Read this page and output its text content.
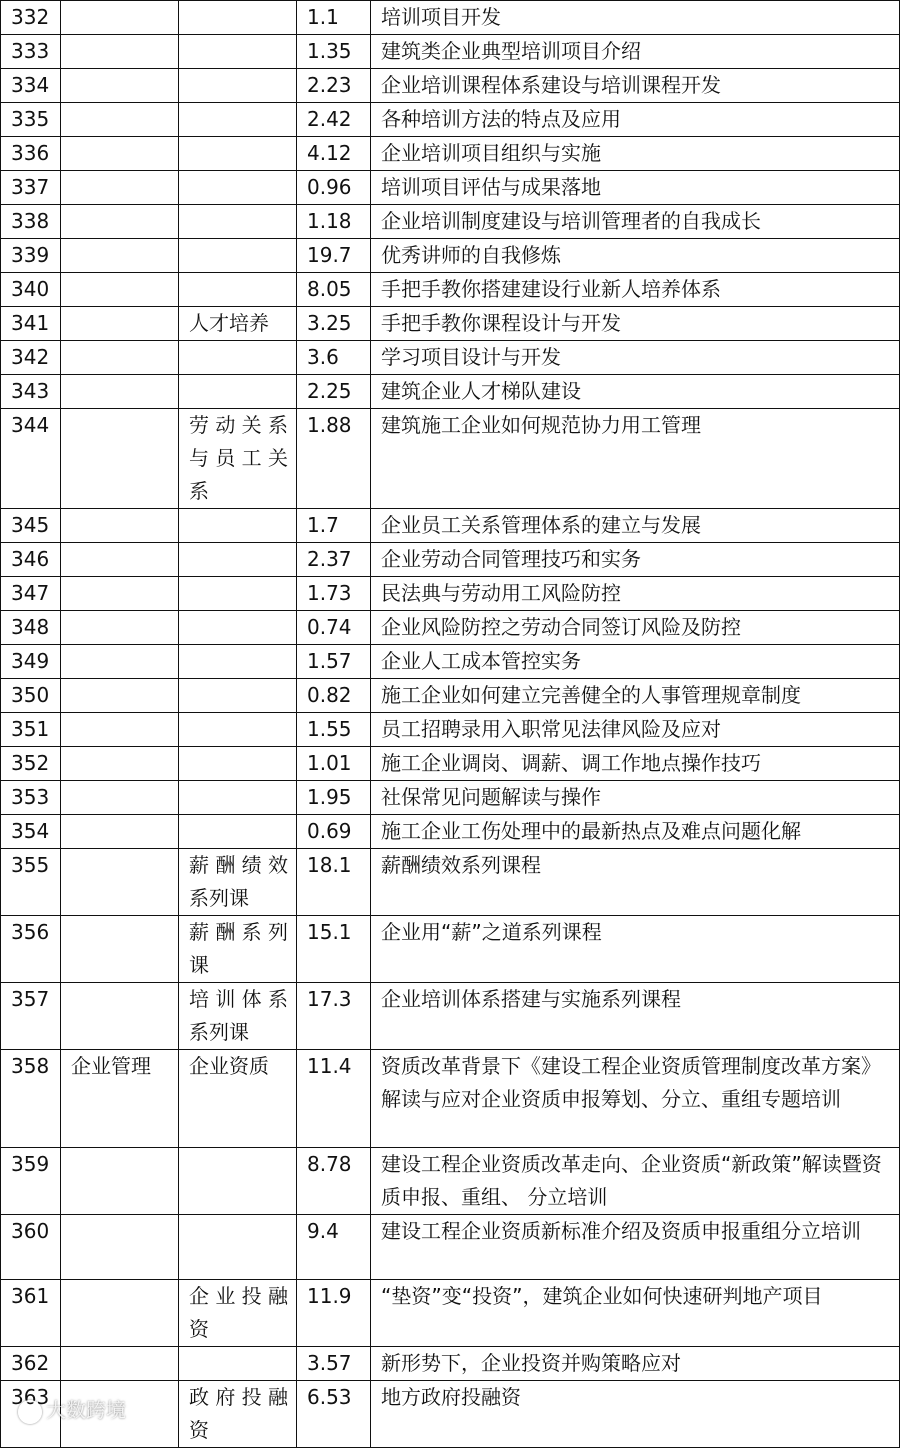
332			1.1	培训项目开发
333			1.35	建筑类企业典型培训项目介绍
334			2.23	企业培训课程体系建设与培训课程开发
335			2.42	各种培训方法的特点及应用
336			4.12	企业培训项目组织与实施
337			0.96	培训项目评估与成果落地
338			1.18	企业培训制度建设与培训管理者的自我成长
339			19.7	优秀讲师的自我修炼
340			8.05	手把手教你搭建建设行业新人培养体系
341		人才培养	3.25	手把手教你课程设计与开发
342			3.6	学习项目设计与开发
343			2.25	建筑企业人才梯队建设
344		劳动关系与员工关系	1.88	建筑施工企业如何规范协力用工管理
345			1.7	企业员工关系管理体系的建立与发展
346			2.37	企业劳动合同管理技巧和实务
347			1.73	民法典与劳动用工风险防控
348			0.74	企业风险防控之劳动合同签订风险及防控
349			1.57	企业人工成本管控实务
350			0.82	施工企业如何建立完善健全的人事管理规章制度
351			1.55	员工招聘录用入职常见法律风险及应对
352			1.01	施工企业调岗、调薪、调工作地点操作技巧
353			1.95	社保常见问题解读与操作
354			0.69	施工企业工伤处理中的最新热点及难点问题化解
355		薪酬绩效系列课	18.1	薪酬绩效系列课程
356		薪酬系列课	15.1	企业用“薪”之道系列课程
357		培训体系系列课	17.3	企业培训体系搭建与实施系列课程
358	企业管理	企业资质	11.4	资质改革背景下《建设工程企业资质管理制度改革方案》解读与应对企业资质申报筹划、分立、重组专题培训
359			8.78	建设工程企业资质改革走向、企业资质“新政策”解读暨资质申报、重组、 分立培训
360			9.4	建设工程企业资质新标准介绍及资质申报重组分立培训
361		企业投融资	11.9	“垫资”变“投资”，建筑企业如何快速研判地产项目
362			3.57	新形势下，企业投资并购策略应对
363		政府投融资	6.53	地方政府投融资
大数跨境
